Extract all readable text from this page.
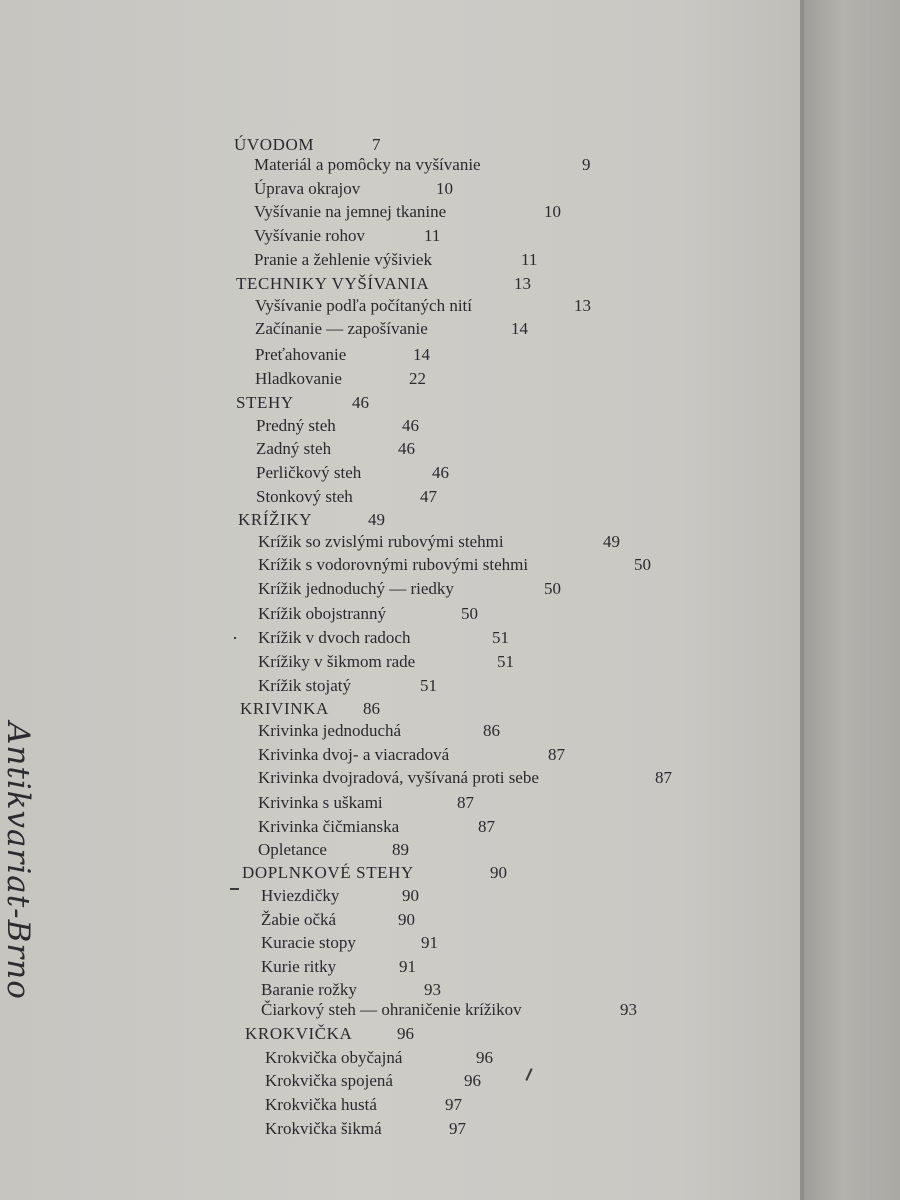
Antikvariat-Brno
ÚVODOM	7
Materiál a pomôcky na vyšívanie	9
Úprava okrajov	10
Vyšívanie na jemnej tkanine	10
Vyšívanie rohov	11
Pranie a žehlenie výšiviek	11
TECHNIKY VYŠÍVANIA	13
Vyšívanie podľa počítaných nití	13
Začínanie — zapošívanie	14
Preťahovanie	14
Hladkovanie	22
STEHY	46
Predný steh	46
Zadný steh	46
Perličkový steh	46
Stonkový steh	47
KRÍŽIKY	49
Krížik so zvislými rubovými stehmi	49
Krížik s vodorovnými rubovými stehmi	50
Krížik jednoduchý — riedky	50
Krížik obojstranný	50
Krížik v dvoch radoch	51
Krížiky v šikmom rade	51
Krížik stojatý	51
KRIVINKA 86
Krivinka jednoduchá	86
Krivinka dvoj- a viacradová	87
Krivinka dvojradová, vyšívaná proti sebe	87
Krivinka s uškami	87
Krivinka čičmianska	87
Opletance	89
DOPLNKOVÉ STEHY	90
Hviezdičky	90
Žabie očká	90
Kuracie stopy	91
Kurie ritky	91
Baranie rožky	93
Čiarkový steh — ohraničenie krížikov	93
KROKVIČKA	96
Krokvička obyčajná	96
Krokvička spojená	96
Krokvička hustá	97
Krokvička šikmá	97
